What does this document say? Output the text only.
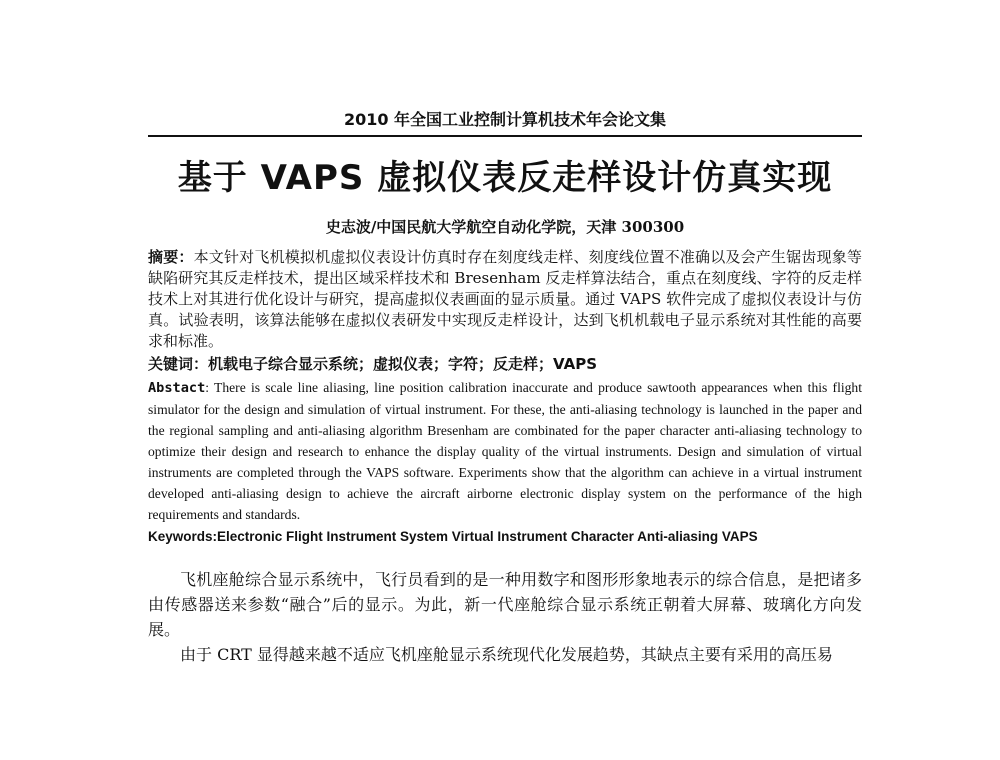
2010 年全国工业控制计算机技术年会论文集
基于 VAPS 虚拟仪表反走样设计仿真实现
史志波/中国民航大学航空自动化学院，天津 300300
摘要：本文针对飞机模拟机虚拟仪表设计仿真时存在刻度线走样、刻度线位置不准确以及会产生锯齿现象等缺陷研究其反走样技术，提出区域采样技术和 Bresenham 反走样算法结合，重点在刻度线、字符的反走样技术上对其进行优化设计与研究，提高虚拟仪表画面的显示质量。通过 VAPS 软件完成了虚拟仪表设计与仿真。试验表明，该算法能够在虚拟仪表研发中实现反走样设计，达到飞机机载电子显示系统对其性能的高要求和标准。
关键词：机载电子综合显示系统；虚拟仪表；字符；反走样；VAPS
Abstact: There is scale line aliasing, line position calibration inaccurate and produce sawtooth appearances when this flight simulator for the design and simulation of virtual instrument. For these, the anti-aliasing technology is launched in the paper and the regional sampling and anti-aliasing algorithm Bresenham are combinated for the paper character anti-aliasing technology to optimize their design and research to enhance the display quality of the virtual instruments. Design and simulation of virtual instruments are completed through the VAPS software. Experiments show that the algorithm can achieve in a virtual instrument developed anti-aliasing design to achieve the aircraft airborne electronic display system on the performance of the high requirements and standards.
Keywords:Electronic Flight Instrument System Virtual Instrument Character Anti-aliasing VAPS

飞机座舱综合显示系统中，飞行员看到的是一种用数字和图形形象地表示的综合信息，是把诸多由传感器送来参数“融合”后的显示。为此，新一代座舱综合显示系统正朝着大屏幕、玻璃化方向发展。

由于 CRT 显得越来越不适应飞机座舱显示系统现代化发展趋势，其缺点主要有采用的高压易
